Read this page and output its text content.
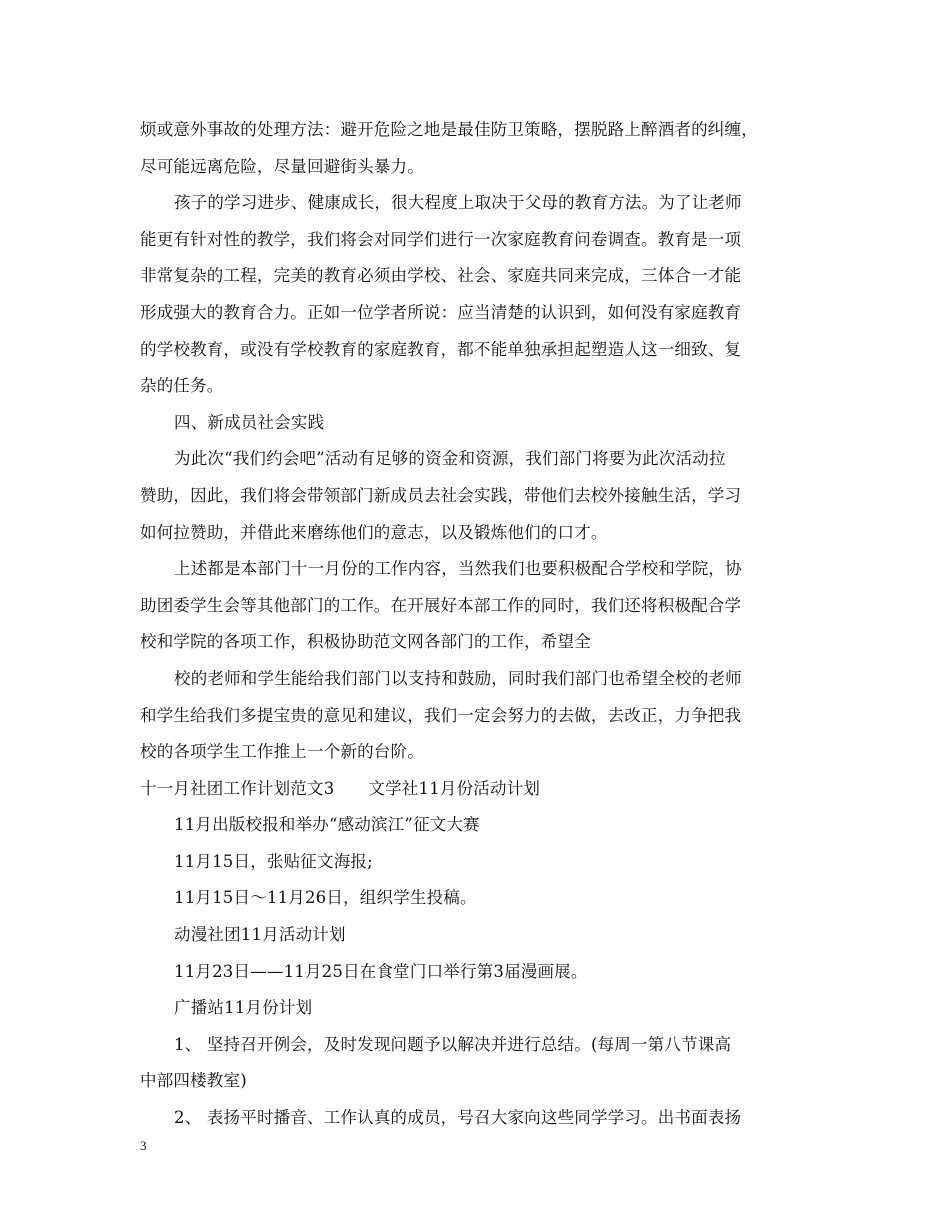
烦或意外事故的处理方法：避开危险之地是最佳防卫策略，摆脱路上醉酒者的纠缠，
尽可能远离危险，尽量回避街头暴力。
孩子的学习进步、健康成长，很大程度上取决于父母的教育方法。为了让老师
能更有针对性的教学，我们将会对同学们进行一次家庭教育问卷调查。教育是一项
非常复杂的工程，完美的教育必须由学校、社会、家庭共同来完成，三体合一才能
形成强大的教育合力。正如一位学者所说：应当清楚的认识到，如何没有家庭教育
的学校教育，或没有学校教育的家庭教育，都不能单独承担起塑造人这一细致、复
杂的任务。
四、新成员社会实践
为此次“我们约会吧”活动有足够的资金和资源，我们部门将要为此次活动拉
赞助，因此，我们将会带领部门新成员去社会实践，带他们去校外接触生活，学习
如何拉赞助，并借此来磨练他们的意志，以及锻炼他们的口才。
上述都是本部门十一月份的工作内容，当然我们也要积极配合学校和学院，协
助团委学生会等其他部门的工作。在开展好本部工作的同时，我们还将积极配合学
校和学院的各项工作，积极协助范文网各部门的工作，希望全
校的老师和学生能给我们部门以支持和鼓励，同时我们部门也希望全校的老师
和学生给我们多提宝贵的意见和建议，我们一定会努力的去做，去改正，力争把我
校的各项学生工作推上一个新的台阶。
十一月社团工作计划范文3 文学社11月份活动计划
11月出版校报和举办“感动滨江”征文大赛
11月15日，张贴征文海报;
11月15日～11月26日，组织学生投稿。
动漫社团11月活动计划
11月23日——11月25日在食堂门口举行第3届漫画展。
广播站11月份计划
1、 坚持召开例会，及时发现问题予以解决并进行总结。(每周一第八节课高
中部四楼教室)
2、 表扬平时播音、工作认真的成员，号召大家向这些同学学习。出书面表扬
3
